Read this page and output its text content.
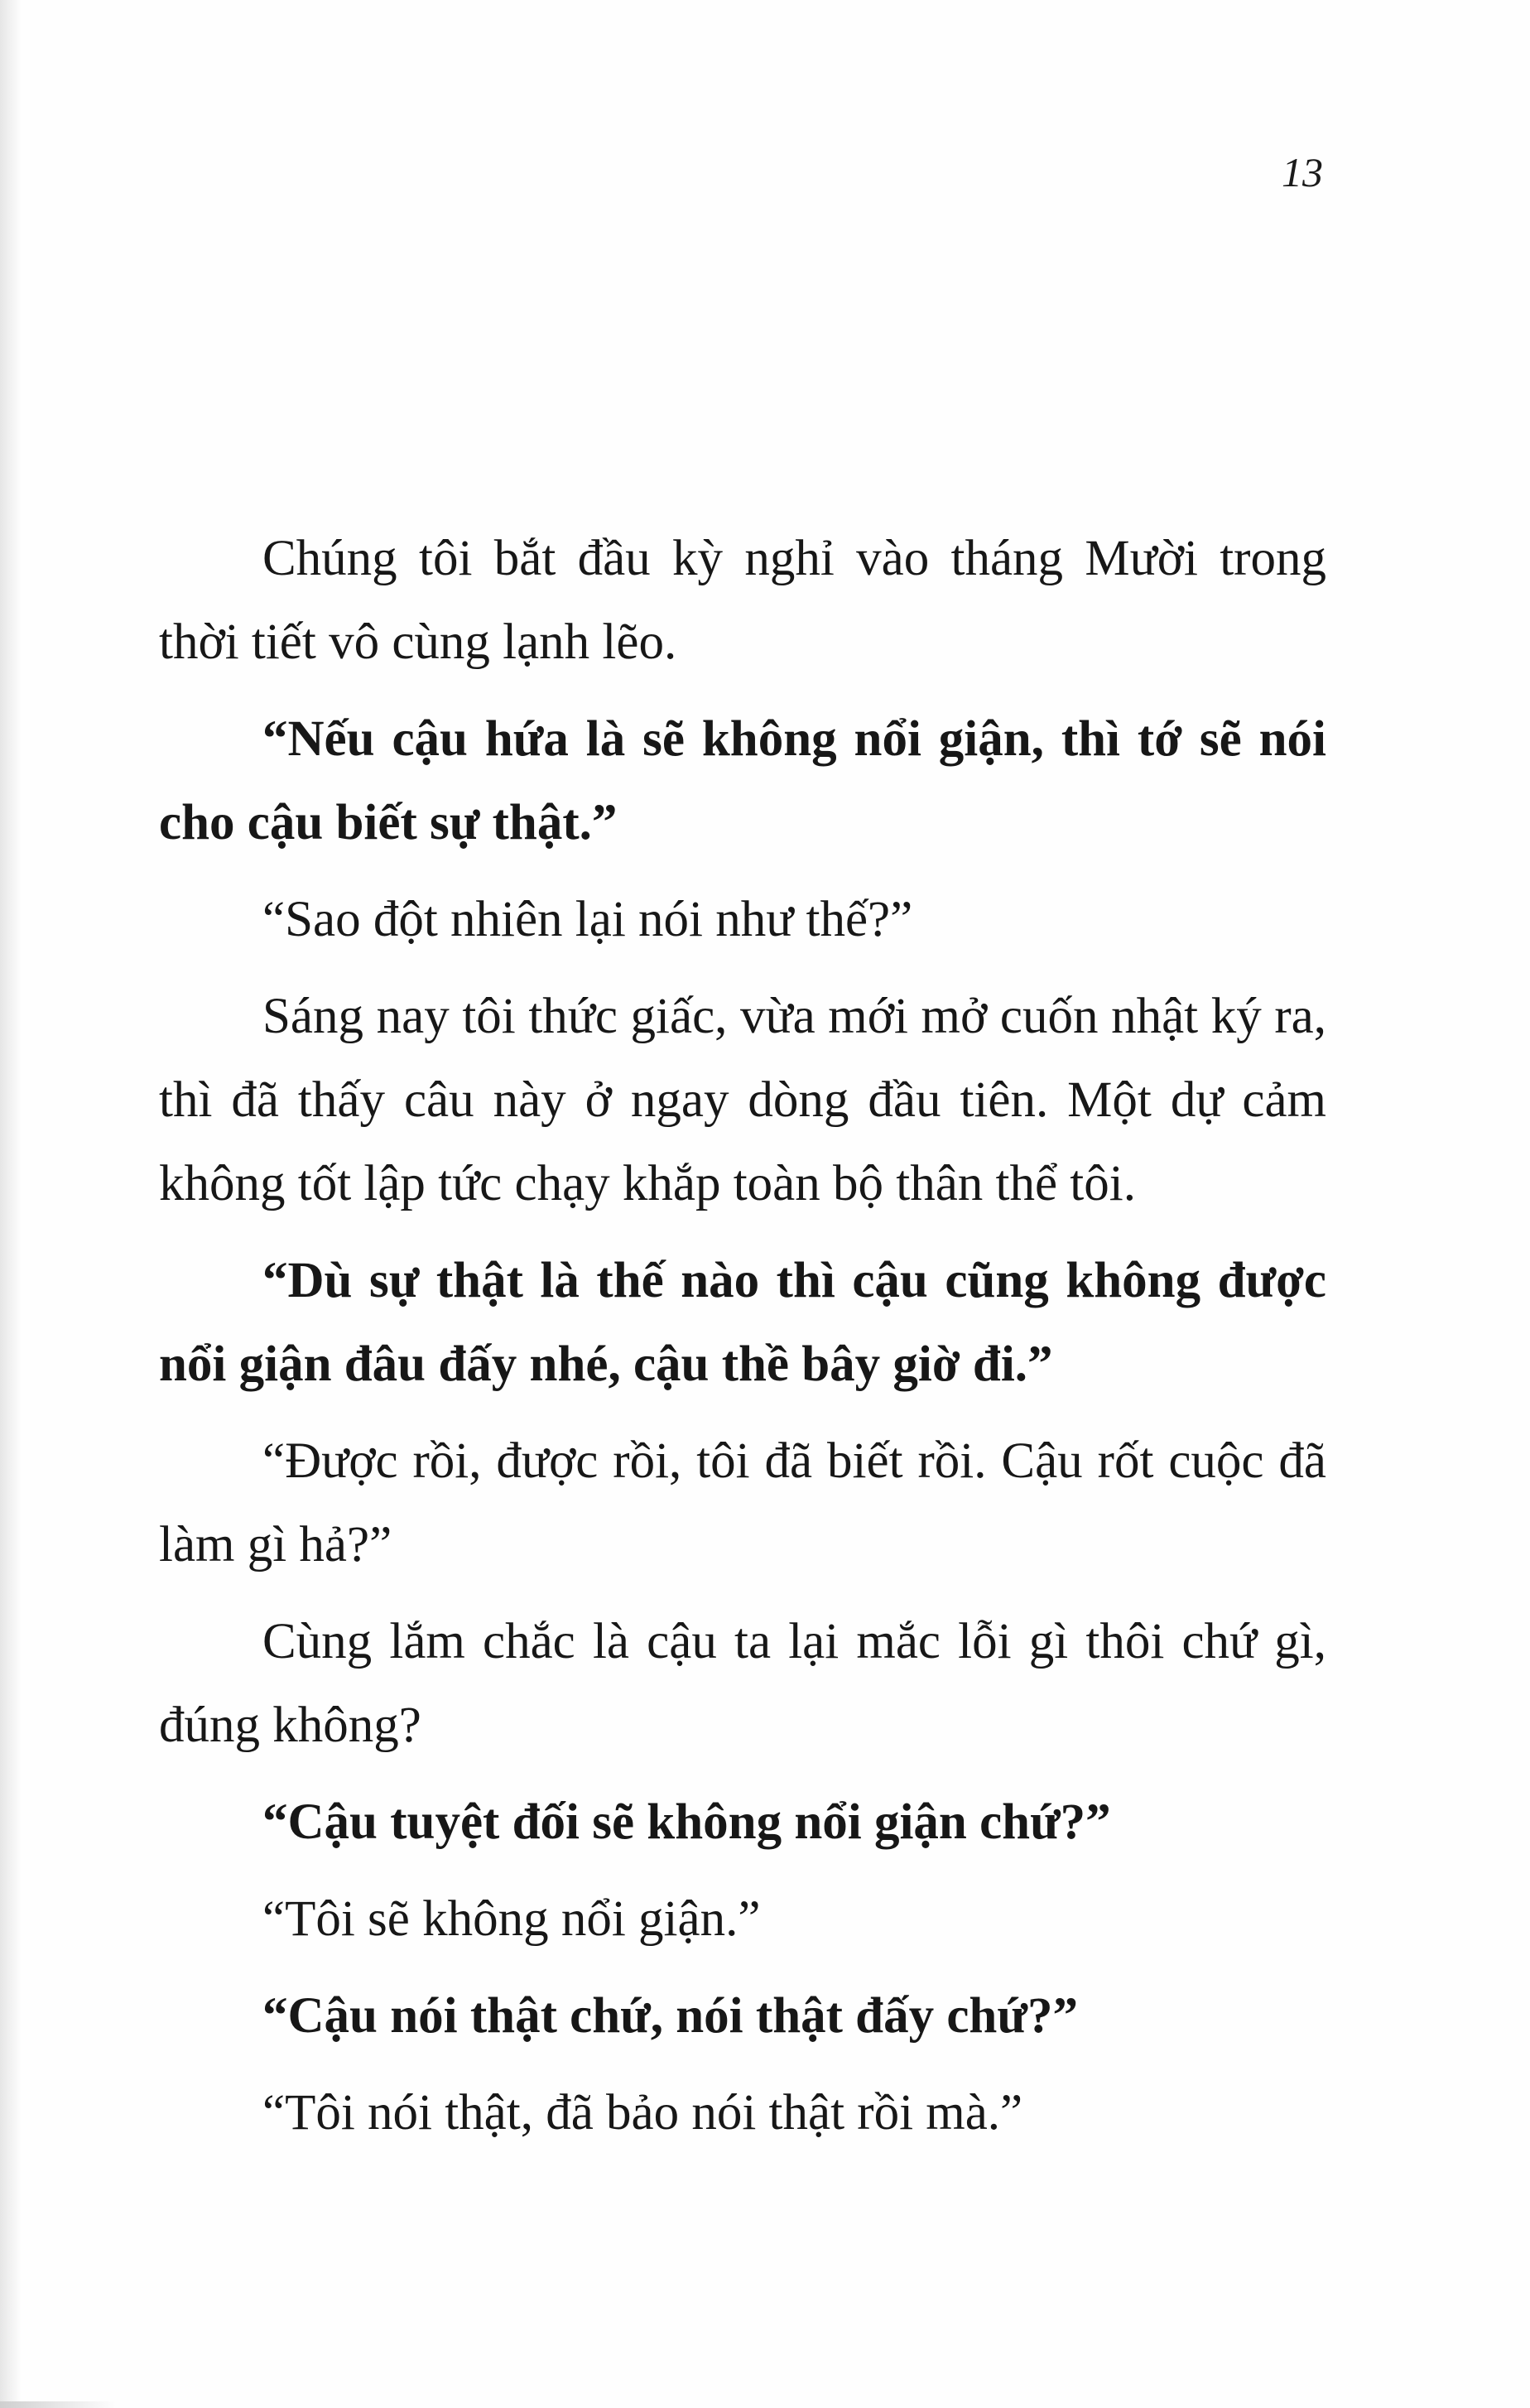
13

Chúng tôi bắt đầu kỳ nghỉ vào tháng Mười trong thời tiết vô cùng lạnh lẽo.

“Nếu cậu hứa là sẽ không nổi giận, thì tớ sẽ nói cho cậu biết sự thật.”

“Sao đột nhiên lại nói như thế?”

Sáng nay tôi thức giấc, vừa mới mở cuốn nhật ký ra, thì đã thấy câu này ở ngay dòng đầu tiên. Một dự cảm không tốt lập tức chạy khắp toàn bộ thân thể tôi.

“Dù sự thật là thế nào thì cậu cũng không được nổi giận đâu đấy nhé, cậu thề bây giờ đi.”

“Được rồi, được rồi, tôi đã biết rồi. Cậu rốt cuộc đã làm gì hả?”

Cùng lắm chắc là cậu ta lại mắc lỗi gì thôi chứ gì, đúng không?

“Cậu tuyệt đối sẽ không nổi giận chứ?”

“Tôi sẽ không nổi giận.”

“Cậu nói thật chứ, nói thật đấy chứ?”

“Tôi nói thật, đã bảo nói thật rồi mà.”
